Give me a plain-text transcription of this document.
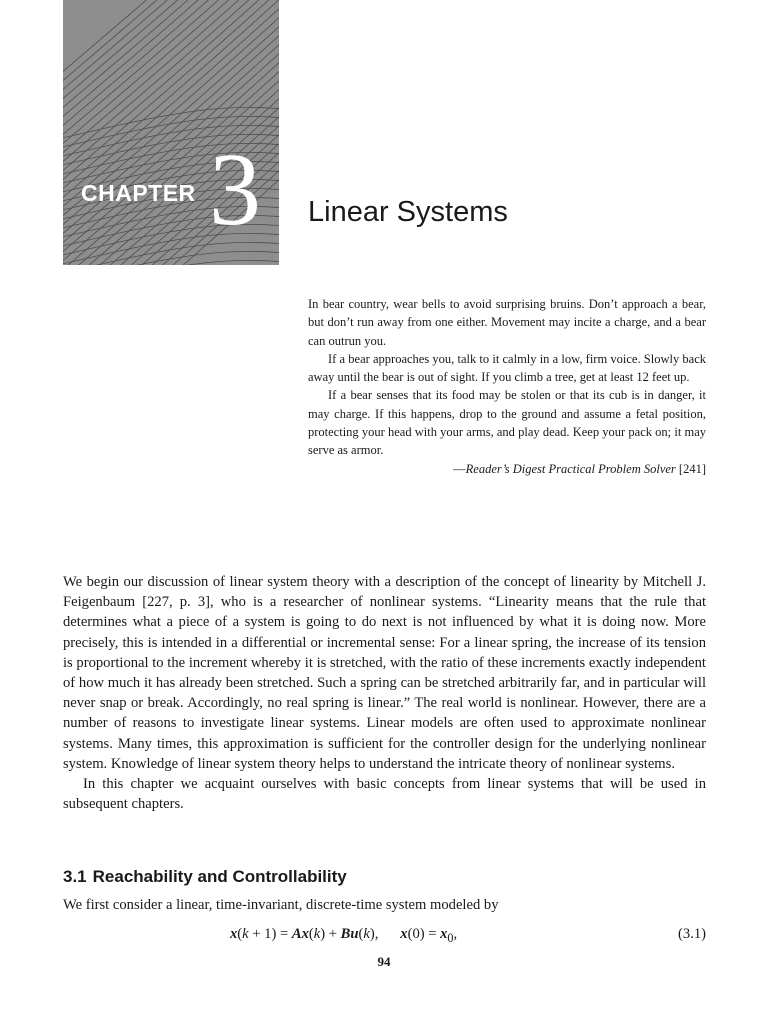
CHAPTER 3 Linear Systems

In bear country, wear bells to avoid surprising bruins. Don’t approach a bear, but don’t run away from one either. Movement may incite a charge, and a bear can outrun you.

If a bear approaches you, talk to it calmly in a low, firm voice. Slowly back away until the bear is out of sight. If you climb a tree, get at least 12 feet up.

If a bear senses that its food may be stolen or that its cub is in danger, it may charge. If this happens, drop to the ground and assume a fetal position, protecting your head with your arms, and play dead. Keep your pack on; it may serve as armor.

—Reader’s Digest Practical Problem Solver [241]

We begin our discussion of linear system theory with a description of the concept of linearity by Mitchell J. Feigenbaum [227, p. 3], who is a researcher of nonlinear systems. “Linearity means that the rule that determines what a piece of a system is going to do next is not influenced by what it is doing now. More precisely, this is intended in a differential or incremental sense: For a linear spring, the increase of its tension is proportional to the increment whereby it is stretched, with the ratio of these increments exactly independent of how much it has already been stretched. Such a spring can be stretched arbitrarily far, and in particular will never snap or break. Accordingly, no real spring is linear.” The real world is nonlinear. However, there are a number of reasons to investigate linear systems. Linear models are often used to approximate nonlinear systems. Many times, this approximation is sufficient for the controller design for the underlying nonlinear system. Knowledge of linear system theory helps to understand the intricate theory of nonlinear systems.

In this chapter we acquaint ourselves with basic concepts from linear systems that will be used in subsequent chapters.

3.1 Reachability and Controllability

We first consider a linear, time-invariant, discrete-time system modeled by

x(k + 1) = Ax(k) + Bu(k),      $x(0) = x_0$,	(3.1)
94
